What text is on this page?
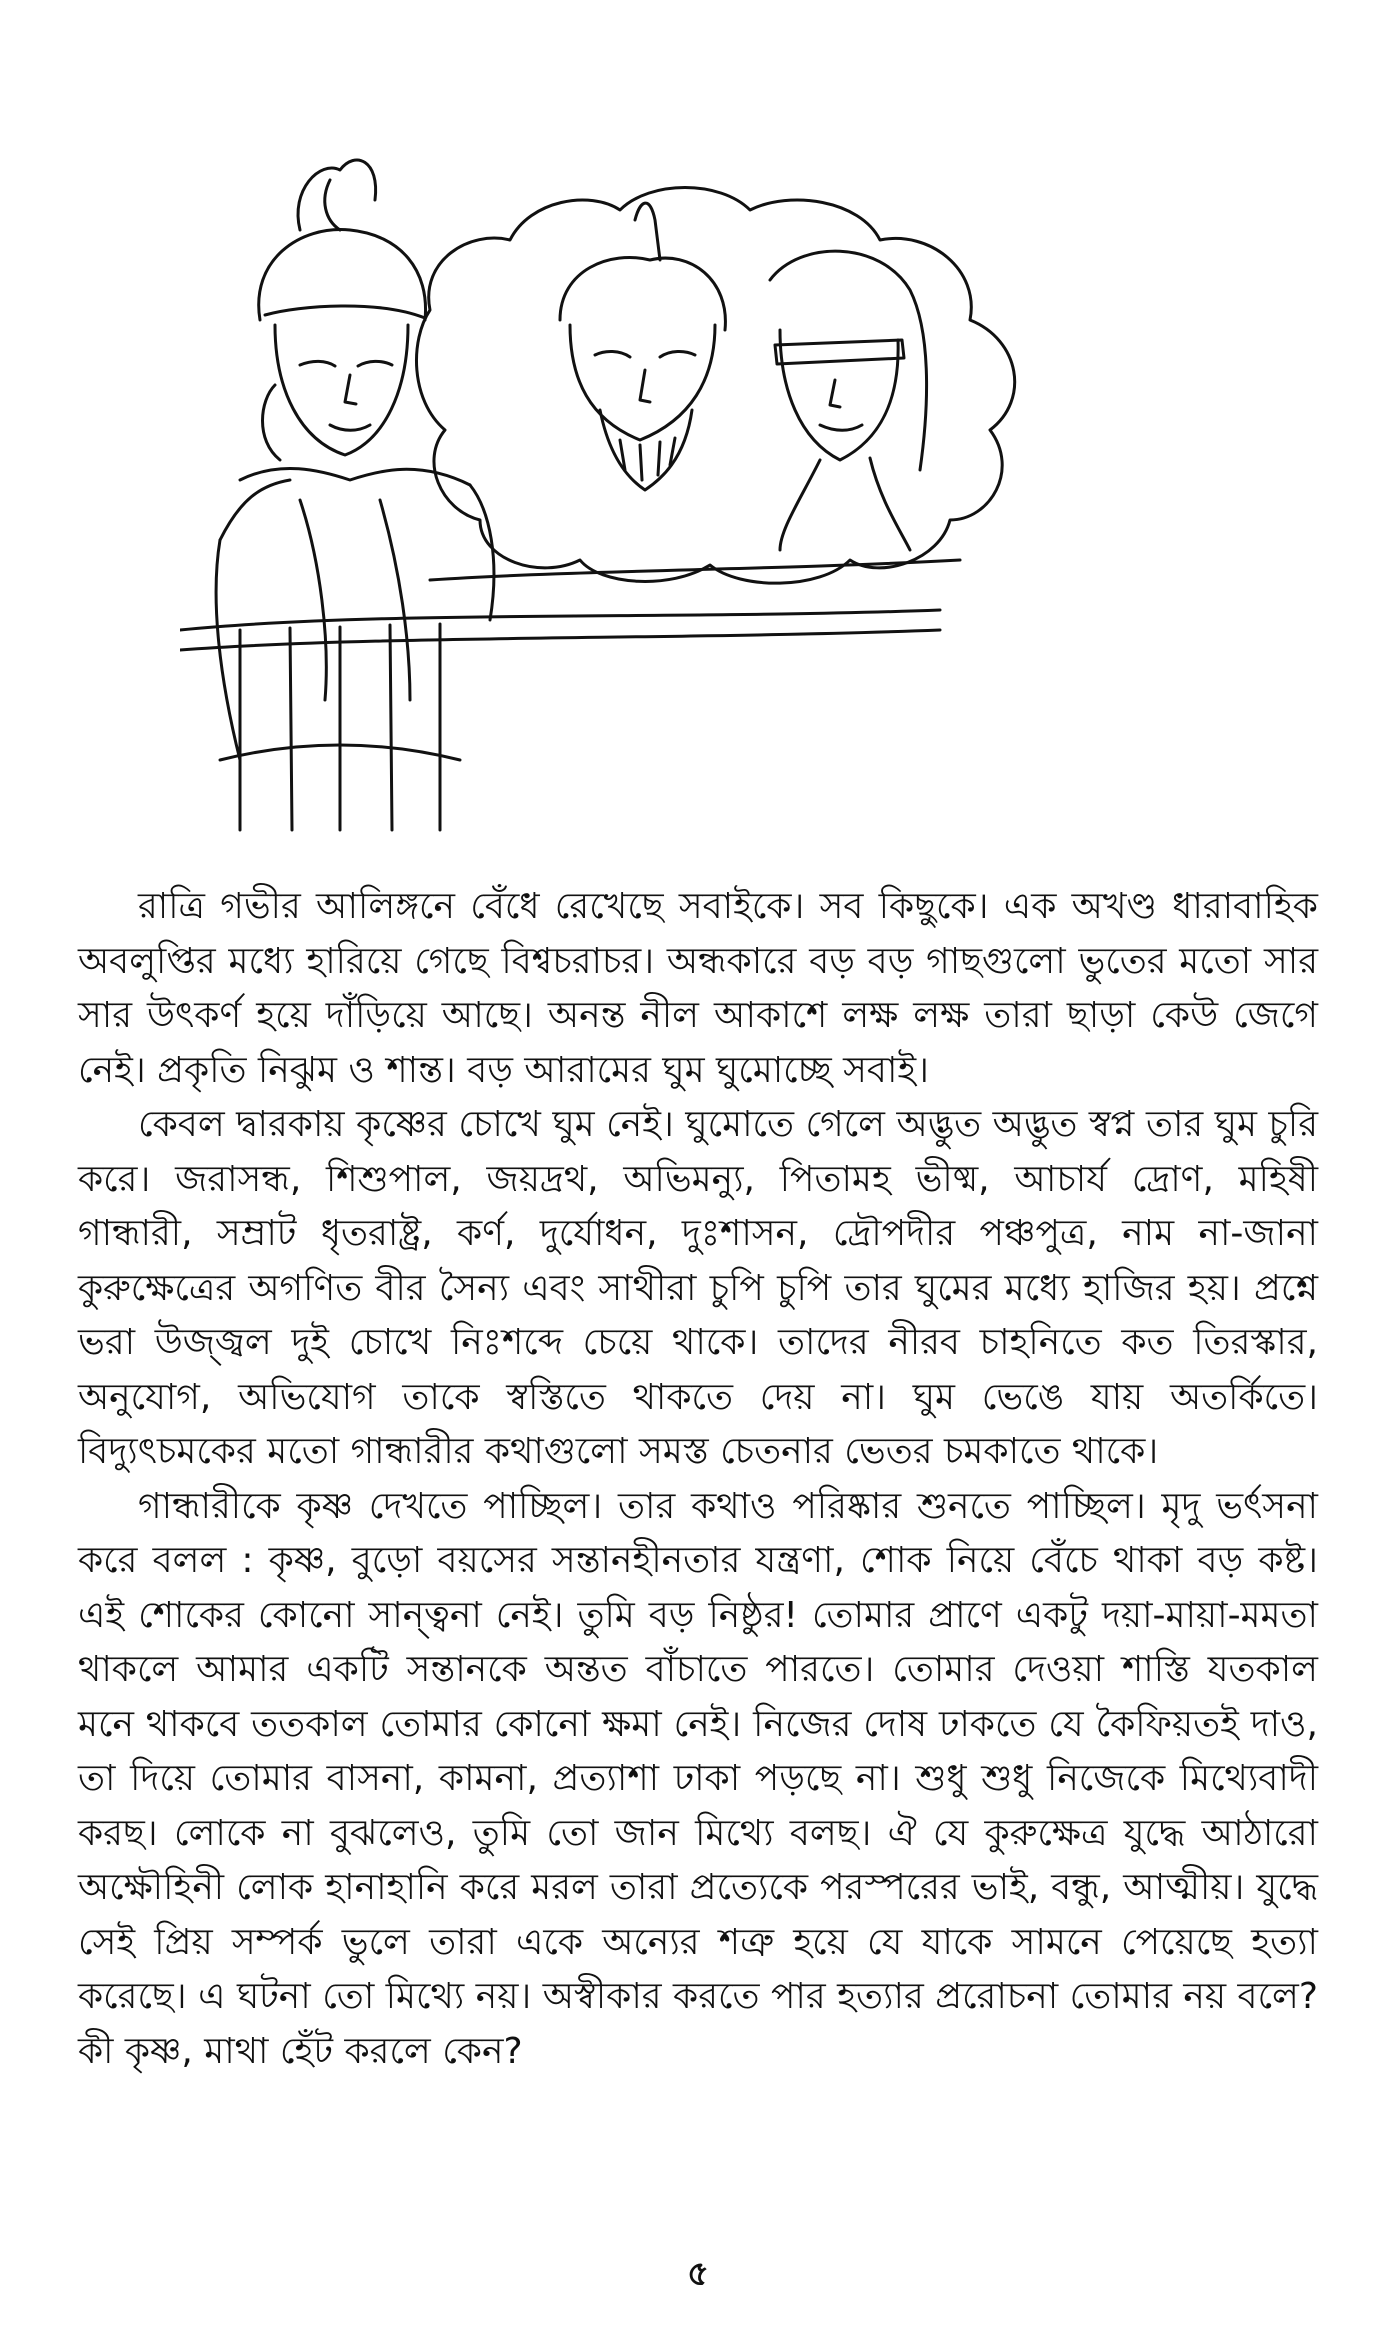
রাত্রি গভীর আলিঙ্গনে বেঁধে রেখেছে সবাইকে। সব কিছুকে। এক অখণ্ড ধারাবাহিক অবলুপ্তির মধ্যে হারিয়ে গেছে বিশ্বচরাচর। অন্ধকারে বড় বড় গাছগুলো ভুতের মতো সার সার উৎকর্ণ হয়ে দাঁড়িয়ে আছে। অনন্ত নীল আকাশে লক্ষ লক্ষ তারা ছাড়া কেউ জেগে নেই। প্রকৃতি নিঝুম ও শান্ত। বড় আরামের ঘুম ঘুমোচ্ছে সবাই।

কেবল দ্বারকায় কৃষ্ণের চোখে ঘুম নেই। ঘুমোতে গেলে অদ্ভুত অদ্ভুত স্বপ্ন তার ঘুম চুরি করে। জরাসন্ধ, শিশুপাল, জয়দ্রথ, অভিমন্যু, পিতামহ ভীষ্ম, আচার্য দ্রোণ, মহিষী গান্ধারী, সম্রাট ধৃতরাষ্ট্র, কর্ণ, দুর্যোধন, দুঃশাসন, দ্রৌপদীর পঞ্চপুত্র, নাম না-জানা কুরুক্ষেত্রের অগণিত বীর সৈন্য এবং সাথীরা চুপি চুপি তার ঘুমের মধ্যে হাজির হয়। প্রশ্নে ভরা উজ্জ্বল দুই চোখে নিঃশব্দে চেয়ে থাকে। তাদের নীরব চাহনিতে কত তিরস্কার, অনুযোগ, অভিযোগ তাকে স্বস্তিতে থাকতে দেয় না। ঘুম ভেঙে যায় অতর্কিতে। বিদ্যুৎচমকের মতো গান্ধারীর কথাগুলো সমস্ত চেতনার ভেতর চমকাতে থাকে।

গান্ধারীকে কৃষ্ণ দেখতে পাচ্ছিল। তার কথাও পরিষ্কার শুনতে পাচ্ছিল। মৃদু ভর্ৎসনা করে বলল : কৃষ্ণ, বুড়ো বয়সের সন্তানহীনতার যন্ত্রণা, শোক নিয়ে বেঁচে থাকা বড় কষ্ট। এই শোকের কোনো সান্ত্বনা নেই। তুমি বড় নিষ্ঠুর! তোমার প্রাণে একটু দয়া-মায়া-মমতা থাকলে আমার একটি সন্তানকে অন্তত বাঁচাতে পারতে। তোমার দেওয়া শাস্তি যতকাল মনে থাকবে ততকাল তোমার কোনো ক্ষমা নেই। নিজের দোষ ঢাকতে যে কৈফিয়তই দাও, তা দিয়ে তোমার বাসনা, কামনা, প্রত্যাশা ঢাকা পড়ছে না। শুধু শুধু নিজেকে মিথ্যেবাদী করছ। লোকে না বুঝলেও, তুমি তো জান মিথ্যে বলছ। ঐ যে কুরুক্ষেত্র যুদ্ধে আঠারো অক্ষৌহিনী লোক হানাহানি করে মরল তারা প্রত্যেকে পরস্পরের ভাই, বন্ধু, আত্মীয়। যুদ্ধে সেই প্রিয় সম্পর্ক ভুলে তারা একে অন্যের শত্রু হয়ে যে যাকে সামনে পেয়েছে হত্যা করেছে। এ ঘটনা তো মিথ্যে নয়। অস্বীকার করতে পার হত্যার প্ররোচনা তোমার নয় বলে? কী কৃষ্ণ, মাথা হেঁট করলে কেন?

৫
